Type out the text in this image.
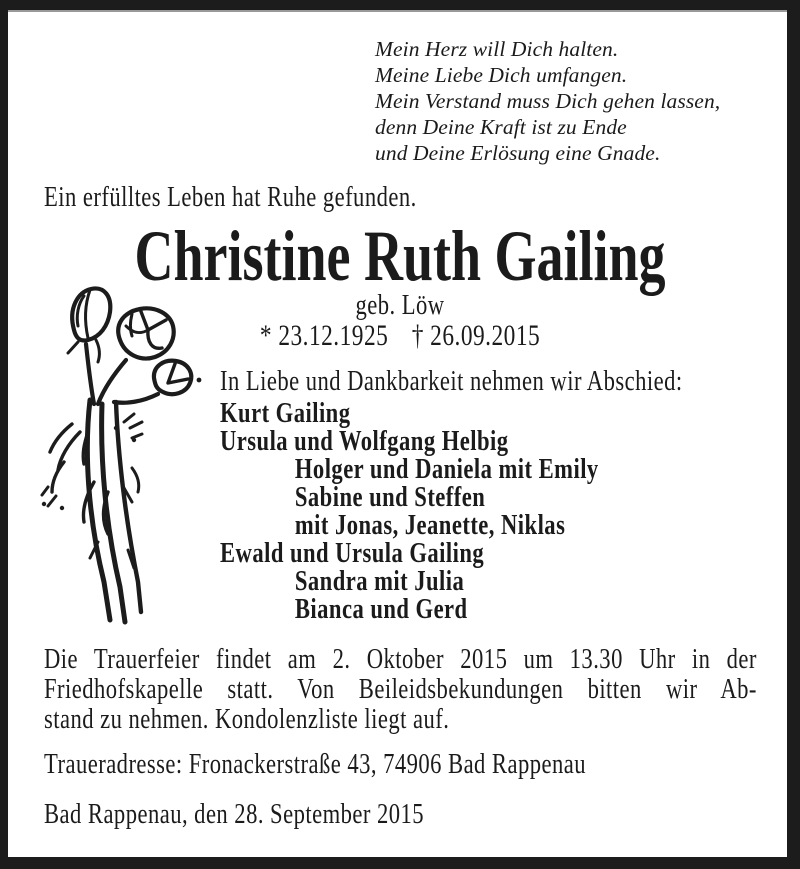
Mein Herz will Dich halten.
Meine Liebe Dich umfangen.
Mein Verstand muss Dich gehen lassen,
denn Deine Kraft ist zu Ende
und Deine Erlösung eine Gnade.
Ein erfülltes Leben hat Ruhe gefunden.
Christine Ruth Gailing
geb. Löw
* 23.12.1925 † 26.09.2015
In Liebe und Dankbarkeit nehmen wir Abschied:
Kurt Gailing
Ursula und Wolfgang Helbig
Holger und Daniela mit Emily
Sabine und Steffen
mit Jonas, Jeanette, Niklas
Ewald und Ursula Gailing
Sandra mit Julia
Bianca und Gerd
Die Trauerfeier findet am 2. Oktober 2015 um 13.30 Uhr in der
Friedhofskapelle statt. Von Beileidsbekundungen bitten wir Ab-
stand zu nehmen. Kondolenzliste liegt auf.
Traueradresse: Fronackerstraße 43, 74906 Bad Rappenau
Bad Rappenau, den 28. September 2015
